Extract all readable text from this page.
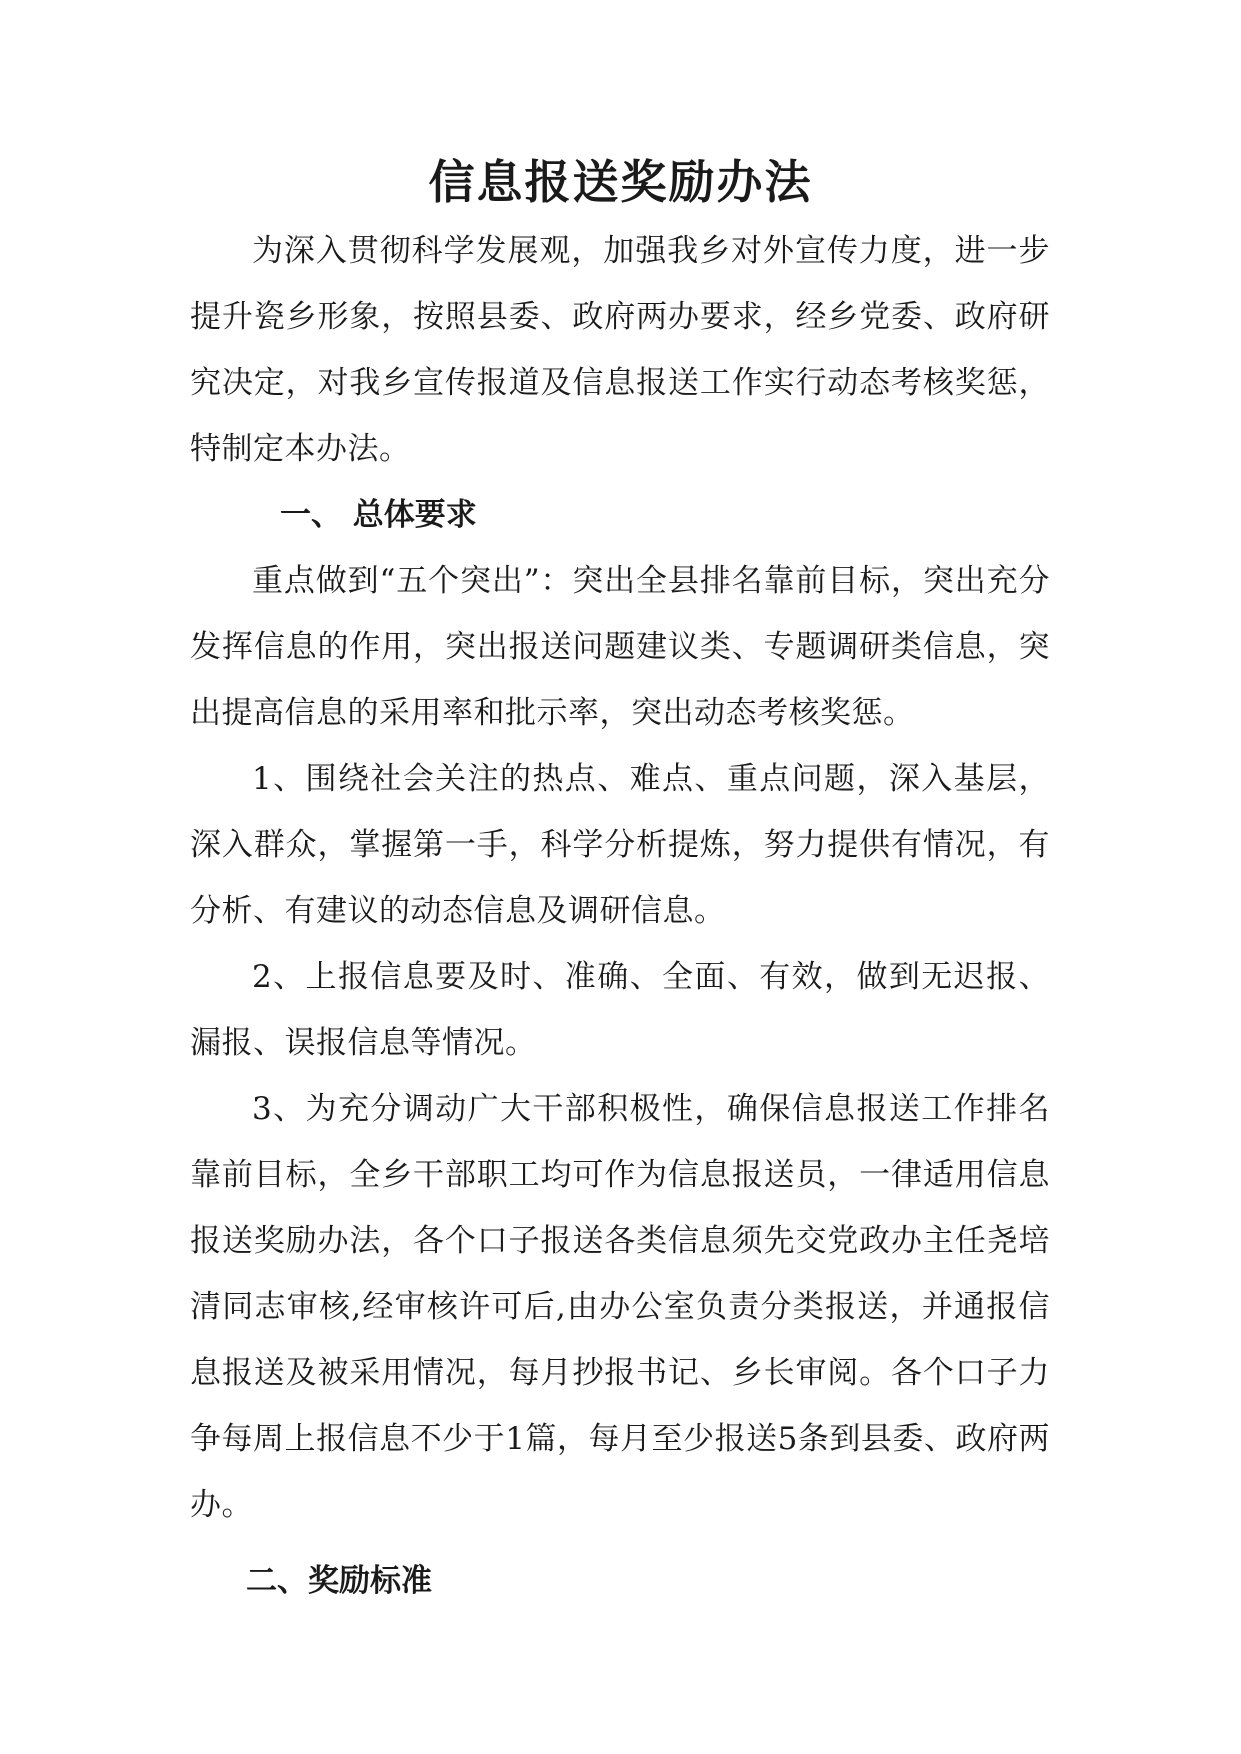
信息报送奖励办法

为深入贯彻科学发展观，加强我乡对外宣传力度，进一步提升瓷乡形象，按照县委、政府两办要求，经乡党委、政府研究决定，对我乡宣传报道及信息报送工作实行动态考核奖惩，特制定本办法。

一、 总体要求

重点做到“五个突出”：突出全县排名靠前目标，突出充分发挥信息的作用，突出报送问题建议类、专题调研类信息，突出提高信息的采用率和批示率，突出动态考核奖惩。

1、围绕社会关注的热点、难点、重点问题，深入基层，深入群众，掌握第一手，科学分析提炼，努力提供有情况，有分析、有建议的动态信息及调研信息。

2、上报信息要及时、准确、全面、有效，做到无迟报、漏报、误报信息等情况。

3、为充分调动广大干部积极性，确保信息报送工作排名靠前目标，全乡干部职工均可作为信息报送员，一律适用信息报送奖励办法，各个口子报送各类信息须先交党政办主任尧培清同志审核,经审核许可后,由办公室负责分类报送，并通报信息报送及被采用情况，每月抄报书记、乡长审阅。各个口子力争每周上报信息不少于1篇，每月至少报送5条到县委、政府两办。

二、奖励标准
